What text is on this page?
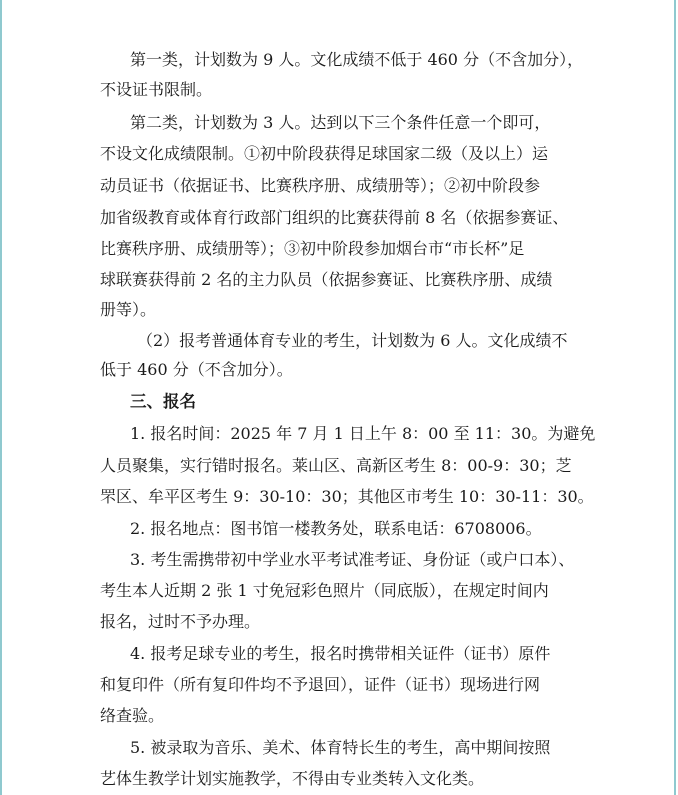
第一类，计划数为 9 人。文化成绩不低于 460 分（不含加分），
不设证书限制。
第二类，计划数为 3 人。达到以下三个条件任意一个即可，
不设文化成绩限制。①初中阶段获得足球国家二级（及以上）运
动员证书（依据证书、比赛秩序册、成绩册等）；②初中阶段参
加省级教育或体育行政部门组织的比赛获得前 8 名（依据参赛证、
比赛秩序册、成绩册等）；③初中阶段参加烟台市“市长杯”足
球联赛获得前 2 名的主力队员（依据参赛证、比赛秩序册、成绩
册等）。
（2）报考普通体育专业的考生，计划数为 6 人。文化成绩不
低于 460 分（不含加分）。
三、报名
1. 报名时间：2025 年 7 月 1 日上午 8：00 至 11：30。为避免
人员聚集，实行错时报名。莱山区、高新区考生 8：00-9：30；芝
罘区、牟平区考生 9：30-10：30；其他区市考生 10：30-11：30。
2. 报名地点：图书馆一楼教务处，联系电话：6708006。
3. 考生需携带初中学业水平考试准考证、身份证（或户口本）、
考生本人近期 2 张 1 寸免冠彩色照片（同底版），在规定时间内
报名，过时不予办理。
4. 报考足球专业的考生，报名时携带相关证件（证书）原件
和复印件（所有复印件均不予退回），证件（证书）现场进行网
络查验。
5. 被录取为音乐、美术、体育特长生的考生，高中期间按照
艺体生教学计划实施教学，不得由专业类转入文化类。
